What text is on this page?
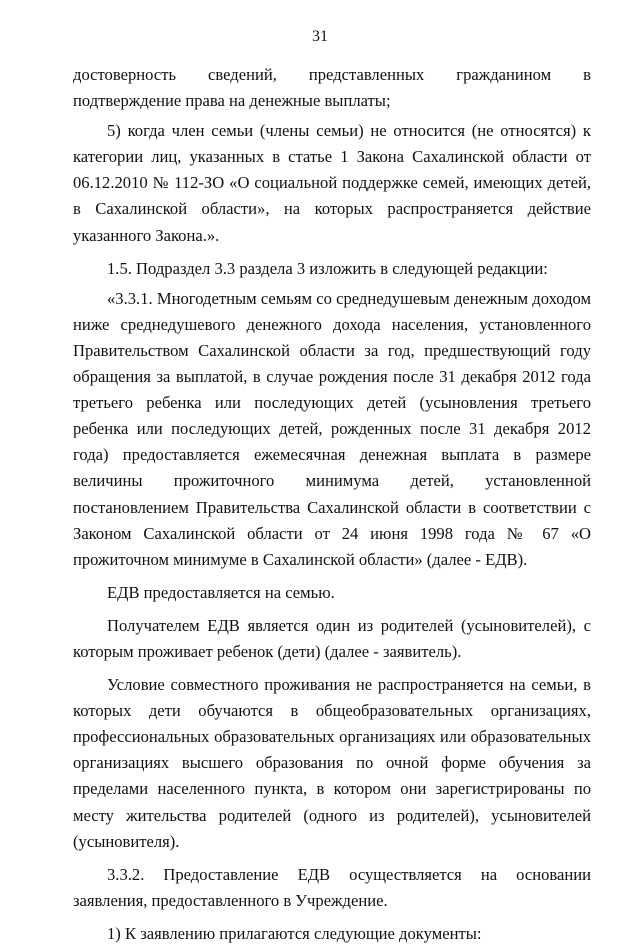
31

достоверность сведений, представленных гражданином в подтверждение права на денежные выплаты;

5) когда член семьи (члены семьи) не относится (не относятся) к категории лиц, указанных в статье 1 Закона Сахалинской области от 06.12.2010 № 112-ЗО «О социальной поддержке семей, имеющих детей, в Сахалинской области», на которых распространяется действие указанного Закона.».

1.5. Подраздел 3.3 раздела 3 изложить в следующей редакции:

«3.3.1. Многодетным семьям со среднедушевым денежным доходом ниже среднедушевого денежного дохода населения, установленного Правительством Сахалинской области за год, предшествующий году обращения за выплатой, в случае рождения после 31 декабря 2012 года третьего ребенка или последующих детей (усыновления третьего ребенка или последующих детей, рожденных после 31 декабря 2012 года) предоставляется ежемесячная денежная выплата в размере величины прожиточного минимума детей, установленной постановлением Правительства Сахалинской области в соответствии с Законом Сахалинской области от 24 июня 1998 года № 67 «О прожиточном минимуме в Сахалинской области» (далее - ЕДВ).

ЕДВ предоставляется на семью.

Получателем ЕДВ является один из родителей (усыновителей), с которым проживает ребенок (дети) (далее - заявитель).

Условие совместного проживания не распространяется на семьи, в которых дети обучаются в общеобразовательных организациях, профессиональных образовательных организациях или образовательных организациях высшего образования по очной форме обучения за пределами населенного пункта, в котором они зарегистрированы по месту жительства родителей (одного из родителей), усыновителей (усыновителя).

3.3.2. Предоставление ЕДВ осуществляется на основании заявления, предоставленного в Учреждение.

1) К заявлению прилагаются следующие документы:
